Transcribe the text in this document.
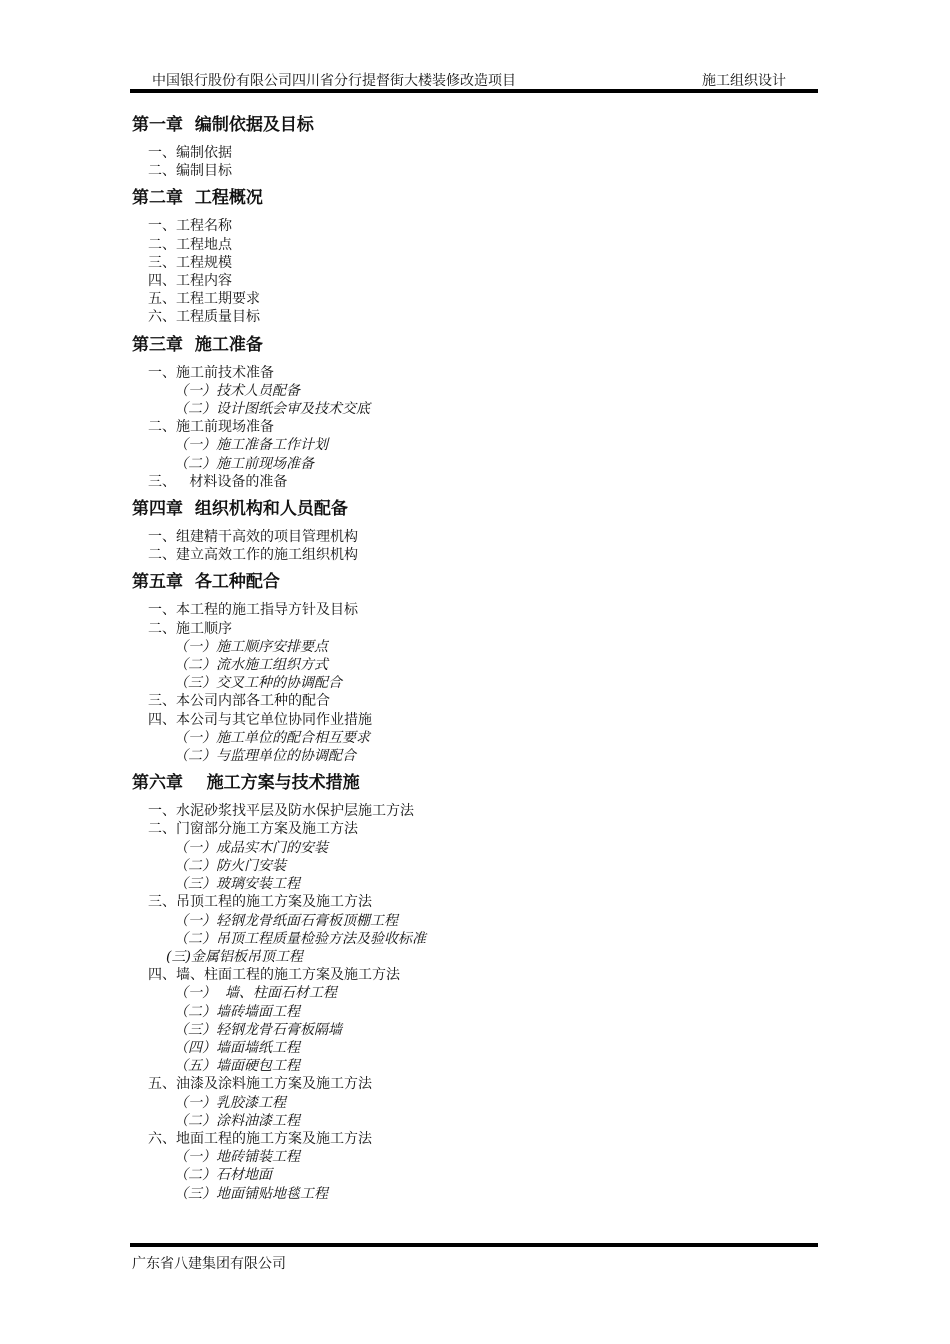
中国银行股份有限公司四川省分行提督街大楼装修改造项目	施工组织设计
第一章  编制依据及目标
一、编制依据
二、编制目标
第二章  工程概况
一、工程名称
二、工程地点
三、工程规模
四、工程内容
五、工程工期要求
六、工程质量目标
第三章  施工准备
一、施工前技术准备
（一）技术人员配备
（二）设计图纸会审及技术交底
二、施工前现场准备
（一）施工准备工作计划
（二）施工前现场准备
三、   材料设备的准备
第四章  组织机构和人员配备
一、组建精干高效的项目管理机构
二、建立高效工作的施工组织机构
第五章  各工种配合
一、本工程的施工指导方针及目标
二、施工顺序
（一）施工顺序安排要点
（二）流水施工组织方式
（三）交叉工种的协调配合
三、本公司内部各工种的配合
四、本公司与其它单位协同作业措施
（一）施工单位的配合相互要求
（二）与监理单位的协调配合
第六章    施工方案与技术措施
一、水泥砂浆找平层及防水保护层施工方法
二、门窗部分施工方案及施工方法
（一）成品实木门的安装
（二）防火门安装
（三）玻璃安装工程
三、吊顶工程的施工方案及施工方法
（一）轻钢龙骨纸面石膏板顶棚工程
（二）吊顶工程质量检验方法及验收标准
(三)金属铝板吊顶工程
四、墙、柱面工程的施工方案及施工方法
（一）  墙、柱面石材工程
（二）墙砖墙面工程
（三）轻钢龙骨石膏板隔墙
（四）墙面墙纸工程
（五）墙面硬包工程
五、油漆及涂料施工方案及施工方法
（一）乳胶漆工程
（二）涂料油漆工程
六、地面工程的施工方案及施工方法
（一）地砖铺装工程
（二）石材地面
（三）地面铺贴地毯工程
广东省八建集团有限公司
